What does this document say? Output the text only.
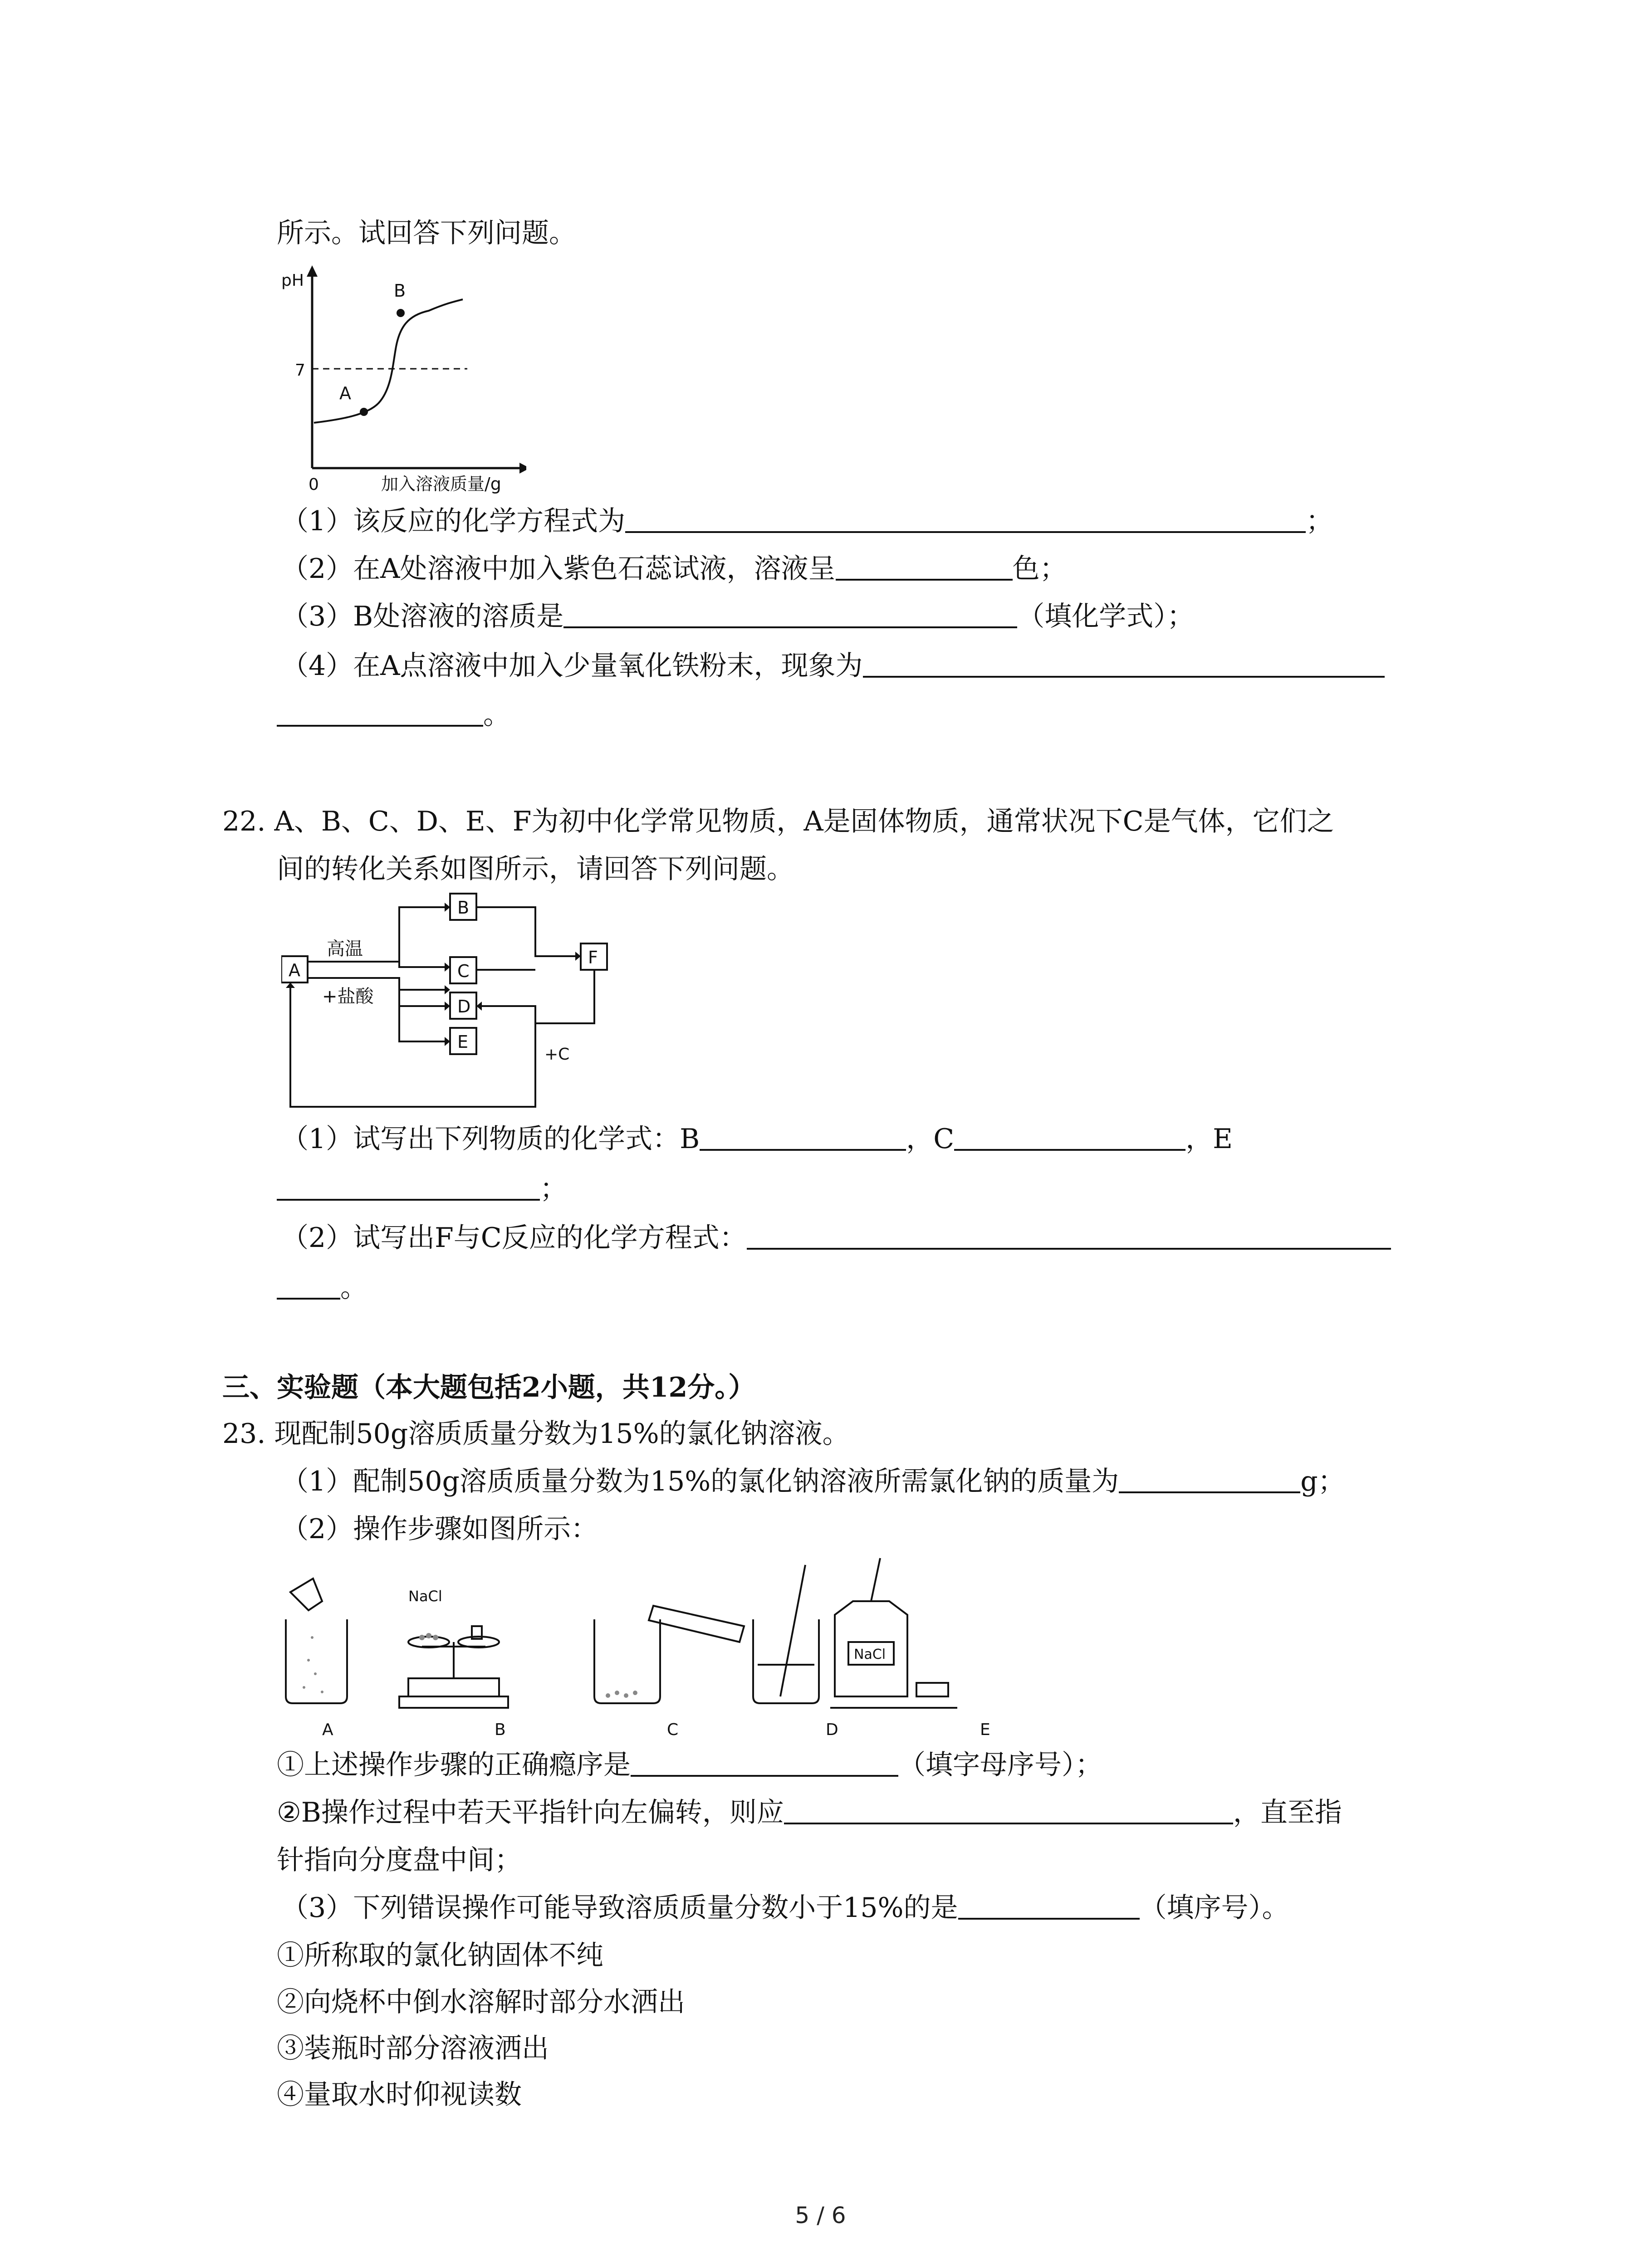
所示。试回答下列问题。
pH
7
0	加入溶液质量/g
A
B
（1）该反应的化学方程式为	；
（2）在A处溶液中加入紫色石蕊试液，溶液呈	色；
（3）B处溶液的溶质是	（填化学式）；
（4）在A点溶液中加入少量氧化铁粉末，现象为
。
22. A、B、C、D、E、F为初中化学常见物质，A是固体物质，通常状况下C是气体，它们之
间的转化关系如图所示，请回答下列问题。
A
B
C
D
E
F
高温
+盐酸
+C
（1）试写出下列物质的化学式：B	，C	，E
；
（2）试写出F与C反应的化学方程式：
。
三、实验题（本大题包括2小题，共12分。）
23. 现配制50g溶质质量分数为15%的氯化钠溶液。
（1）配制50g溶质质量分数为15%的氯化钠溶液所需氯化钠的质量为	g；
（2）操作步骤如图所示：
NaCl
NaCl
A	B	C	D	E
①上述操作步骤的正确瘾序是	（填字母序号）；
②B操作过程中若天平指针向左偏转，则应	，直至指
针指向分度盘中间；
（3）下列错误操作可能导致溶质质量分数小于15%的是	（填序号）。
①所称取的氯化钠固体不纯
②向烧杯中倒水溶解时部分水洒出
③装瓶时部分溶液洒出
④量取水时仰视读数
5 / 6
